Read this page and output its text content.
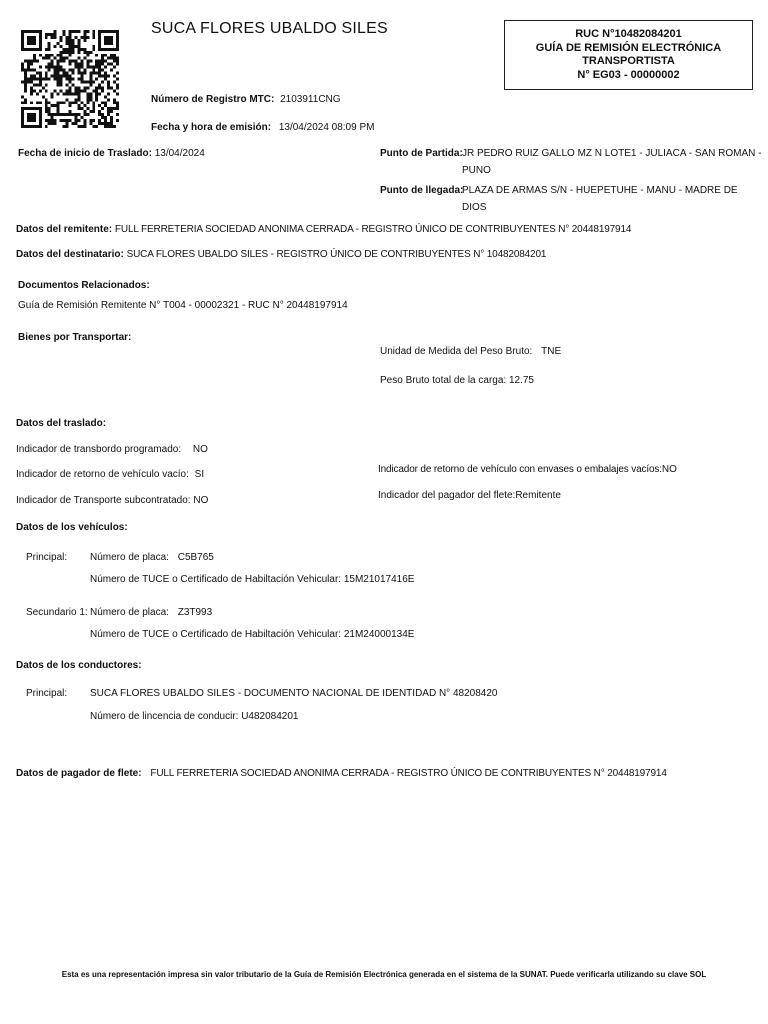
SUCA FLORES UBALDO SILES
Número de Registro MTC: 2103911CNG
Fecha y hora de emisión: 13/04/2024 08:09 PM
RUC N°10482084201
GUÍA DE REMISIÓN ELECTRÓNICA
TRANSPORTISTA
N° EG03 - 00000002
Fecha de inicio de Traslado: 13/04/2024	Punto de Partida: JR PEDRO RUIZ GALLO MZ N LOTE1 - JULIACA - SAN ROMAN -
PUNO
Punto de llegada:
PLAZA DE ARMAS S/N - HUEPETUHE - MANU - MADRE DE
DIOS
Datos del remitente: FULL FERRETERIA SOCIEDAD ANONIMA CERRADA - REGISTRO ÚNICO DE CONTRIBUYENTES N° 20448197914
Datos del destinatario: SUCA FLORES UBALDO SILES - REGISTRO ÚNICO DE CONTRIBUYENTES N° 10482084201
Documentos Relacionados:
Guía de Remisión Remitente N° T004 - 00002321 - RUC N° 20448197914
Bienes por Transportar:
Unidad de Medida del Peso Bruto: TNE
Peso Bruto total de la carga: 12.75
Datos del traslado:
Indicador de transbordo programado: NO
Indicador de retorno de vehículo vacío: SI
Indicador de Transporte subcontratado: NO
Indicador de retorno de vehículo con envases o embalajes vacíos:NO
Indicador del pagador del flete:Remitente
Datos de los vehículos:
Principal: Número de placa: C5B765
Número de TUCE o Certificado de Habiltación Vehicular: 15M21017416E
Secundario 1: Número de placa: Z3T993
Número de TUCE o Certificado de Habiltación Vehicular: 21M24000134E
Datos de los conductores:
Principal: SUCA FLORES UBALDO SILES - DOCUMENTO NACIONAL DE IDENTIDAD N° 48208420
Número de lincencia de conducir: U482084201
Datos de pagador de flete: FULL FERRETERIA SOCIEDAD ANONIMA CERRADA - REGISTRO ÚNICO DE CONTRIBUYENTES N° 20448197914
Esta es una representación impresa sin valor tributario de la Guía de Remisión Electrónica generada en el sistema de la SUNAT. Puede verificarla utilizando su clave SOL
